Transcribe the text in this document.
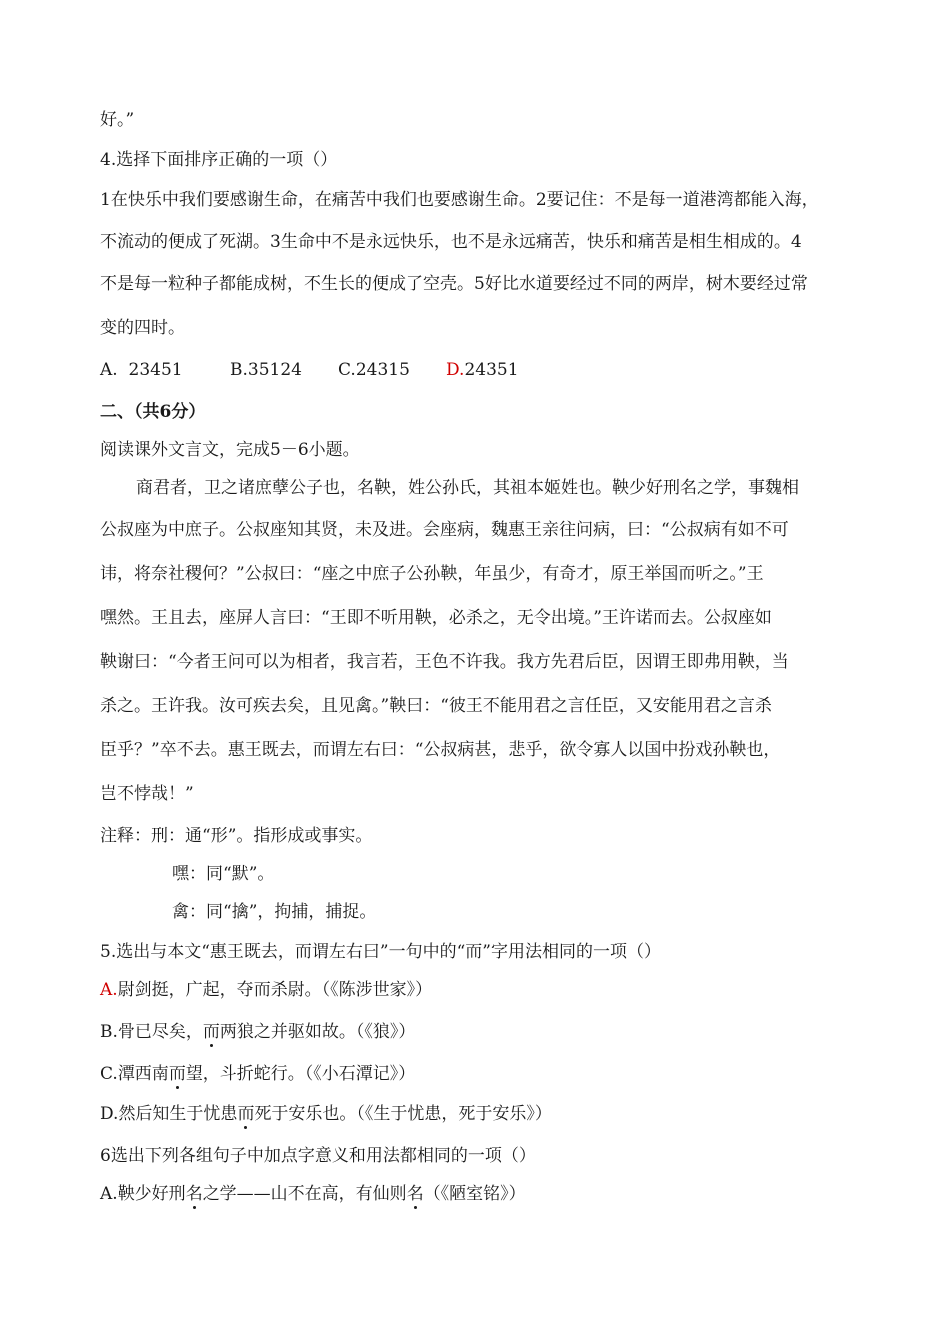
好。”
4.选择下面排序正确的一项（）
1在快乐中我们要感谢生命，在痛苦中我们也要感谢生命。2要记住：不是每一道港湾都能入海，
不流动的便成了死湖。3生命中不是永远快乐，也不是永远痛苦，快乐和痛苦是相生相成的。4
不是每一粒种子都能成树，不生长的便成了空壳。5好比水道要经过不同的两岸，树木要经过常
变的四时。
A. 23451	B.35124	C.24315	D.24351
二、（共6分）
阅读课外文言文，完成5－6小题。
商君者，卫之诸庶孽公子也，名鞅，姓公孙氏，其祖本姬姓也。鞅少好刑名之学，事魏相
公叔座为中庶子。公叔座知其贤，未及进。会座病，魏惠王亲往问病，曰：“公叔病有如不可
讳，将奈社稷何？”公叔曰：“座之中庶子公孙鞅，年虽少，有奇才，原王举国而听之。”王
嘿然。王且去，座屏人言曰：“王即不听用鞅，必杀之，无令出境。”王许诺而去。公叔座如
鞅谢曰：“今者王问可以为相者，我言若，王色不许我。我方先君后臣，因谓王即弗用鞅，当
杀之。王许我。汝可疾去矣，且见禽。”鞅曰：“彼王不能用君之言任臣，又安能用君之言杀
臣乎？”卒不去。惠王既去，而谓左右曰：“公叔病甚，悲乎，欲令寡人以国中扮戏孙鞅也，
岂不悖哉！”
注释：刑：通“形”。指形成或事实。
嘿：同“默”。
禽：同“擒”，拘捕，捕捉。
5.选出与本文“惠王既去，而谓左右曰”一句中的“而”字用法相同的一项（）
A.尉剑挺，广起，夺而杀尉。（《陈涉世家》）
B.骨已尽矣，而两狼之并驱如故。（《狼》）
C.潭西南而望，斗折蛇行。（《小石潭记》）
D.然后知生于忧患而死于安乐也。（《生于忧患，死于安乐》）
6选出下列各组句子中加点字意义和用法都相同的一项（）
A.鞅少好刑名之学——山不在高，有仙则名（《陋室铭》）
